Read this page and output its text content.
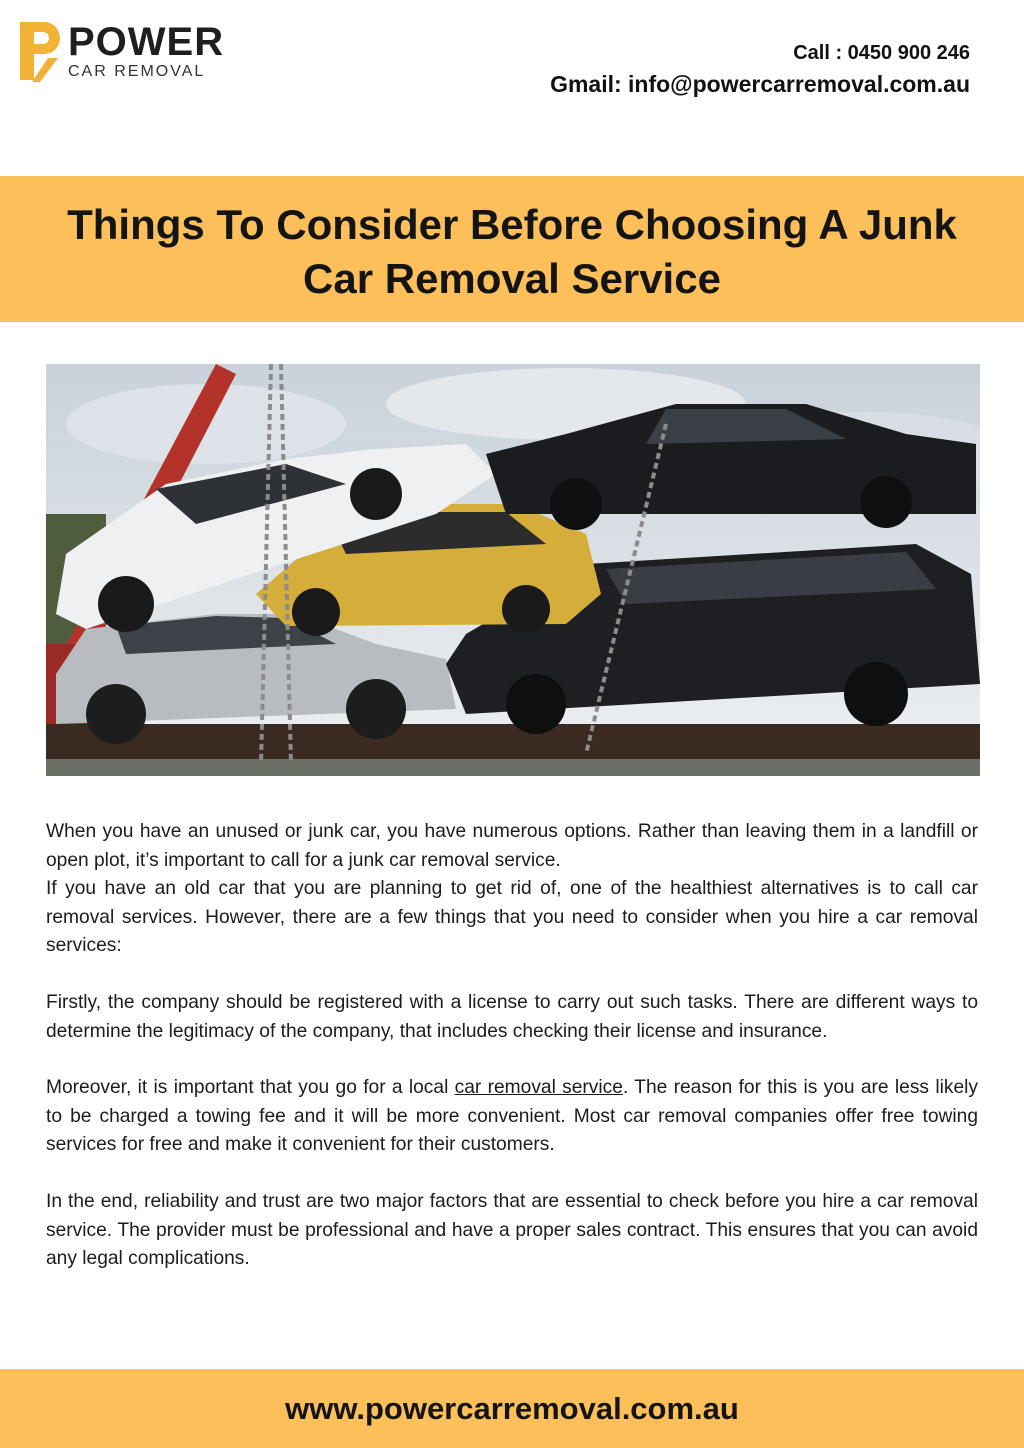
POWER
CAR REMOVAL
Call : 0450 900 246
Gmail: info@powercarremoval.com.au
Things To Consider Before Choosing A Junk
Car Removal Service

When you have an unused or junk car, you have numerous options. Rather than leaving them in a landfill or open plot, it’s important to call for a junk car removal service.

If you have an old car that you are planning to get rid of, one of the healthiest alternatives is to call car removal services. However, there are a few things that you need to consider when you hire a car removal services:

Firstly, the company should be registered with a license to carry out such tasks. There are different ways to determine the legitimacy of the company, that includes checking their license and insurance.

Moreover, it is important that you go for a local car removal service. The reason for this is you are less likely to be charged a towing fee and it will be more convenient. Most car removal companies offer free towing services for free and make it convenient for their customers.

In the end, reliability and trust are two major factors that are essential to check before you hire a car removal service. The provider must be professional and have a proper sales contract. This ensures that you can avoid any legal complications.

www.powercarremoval.com.au
